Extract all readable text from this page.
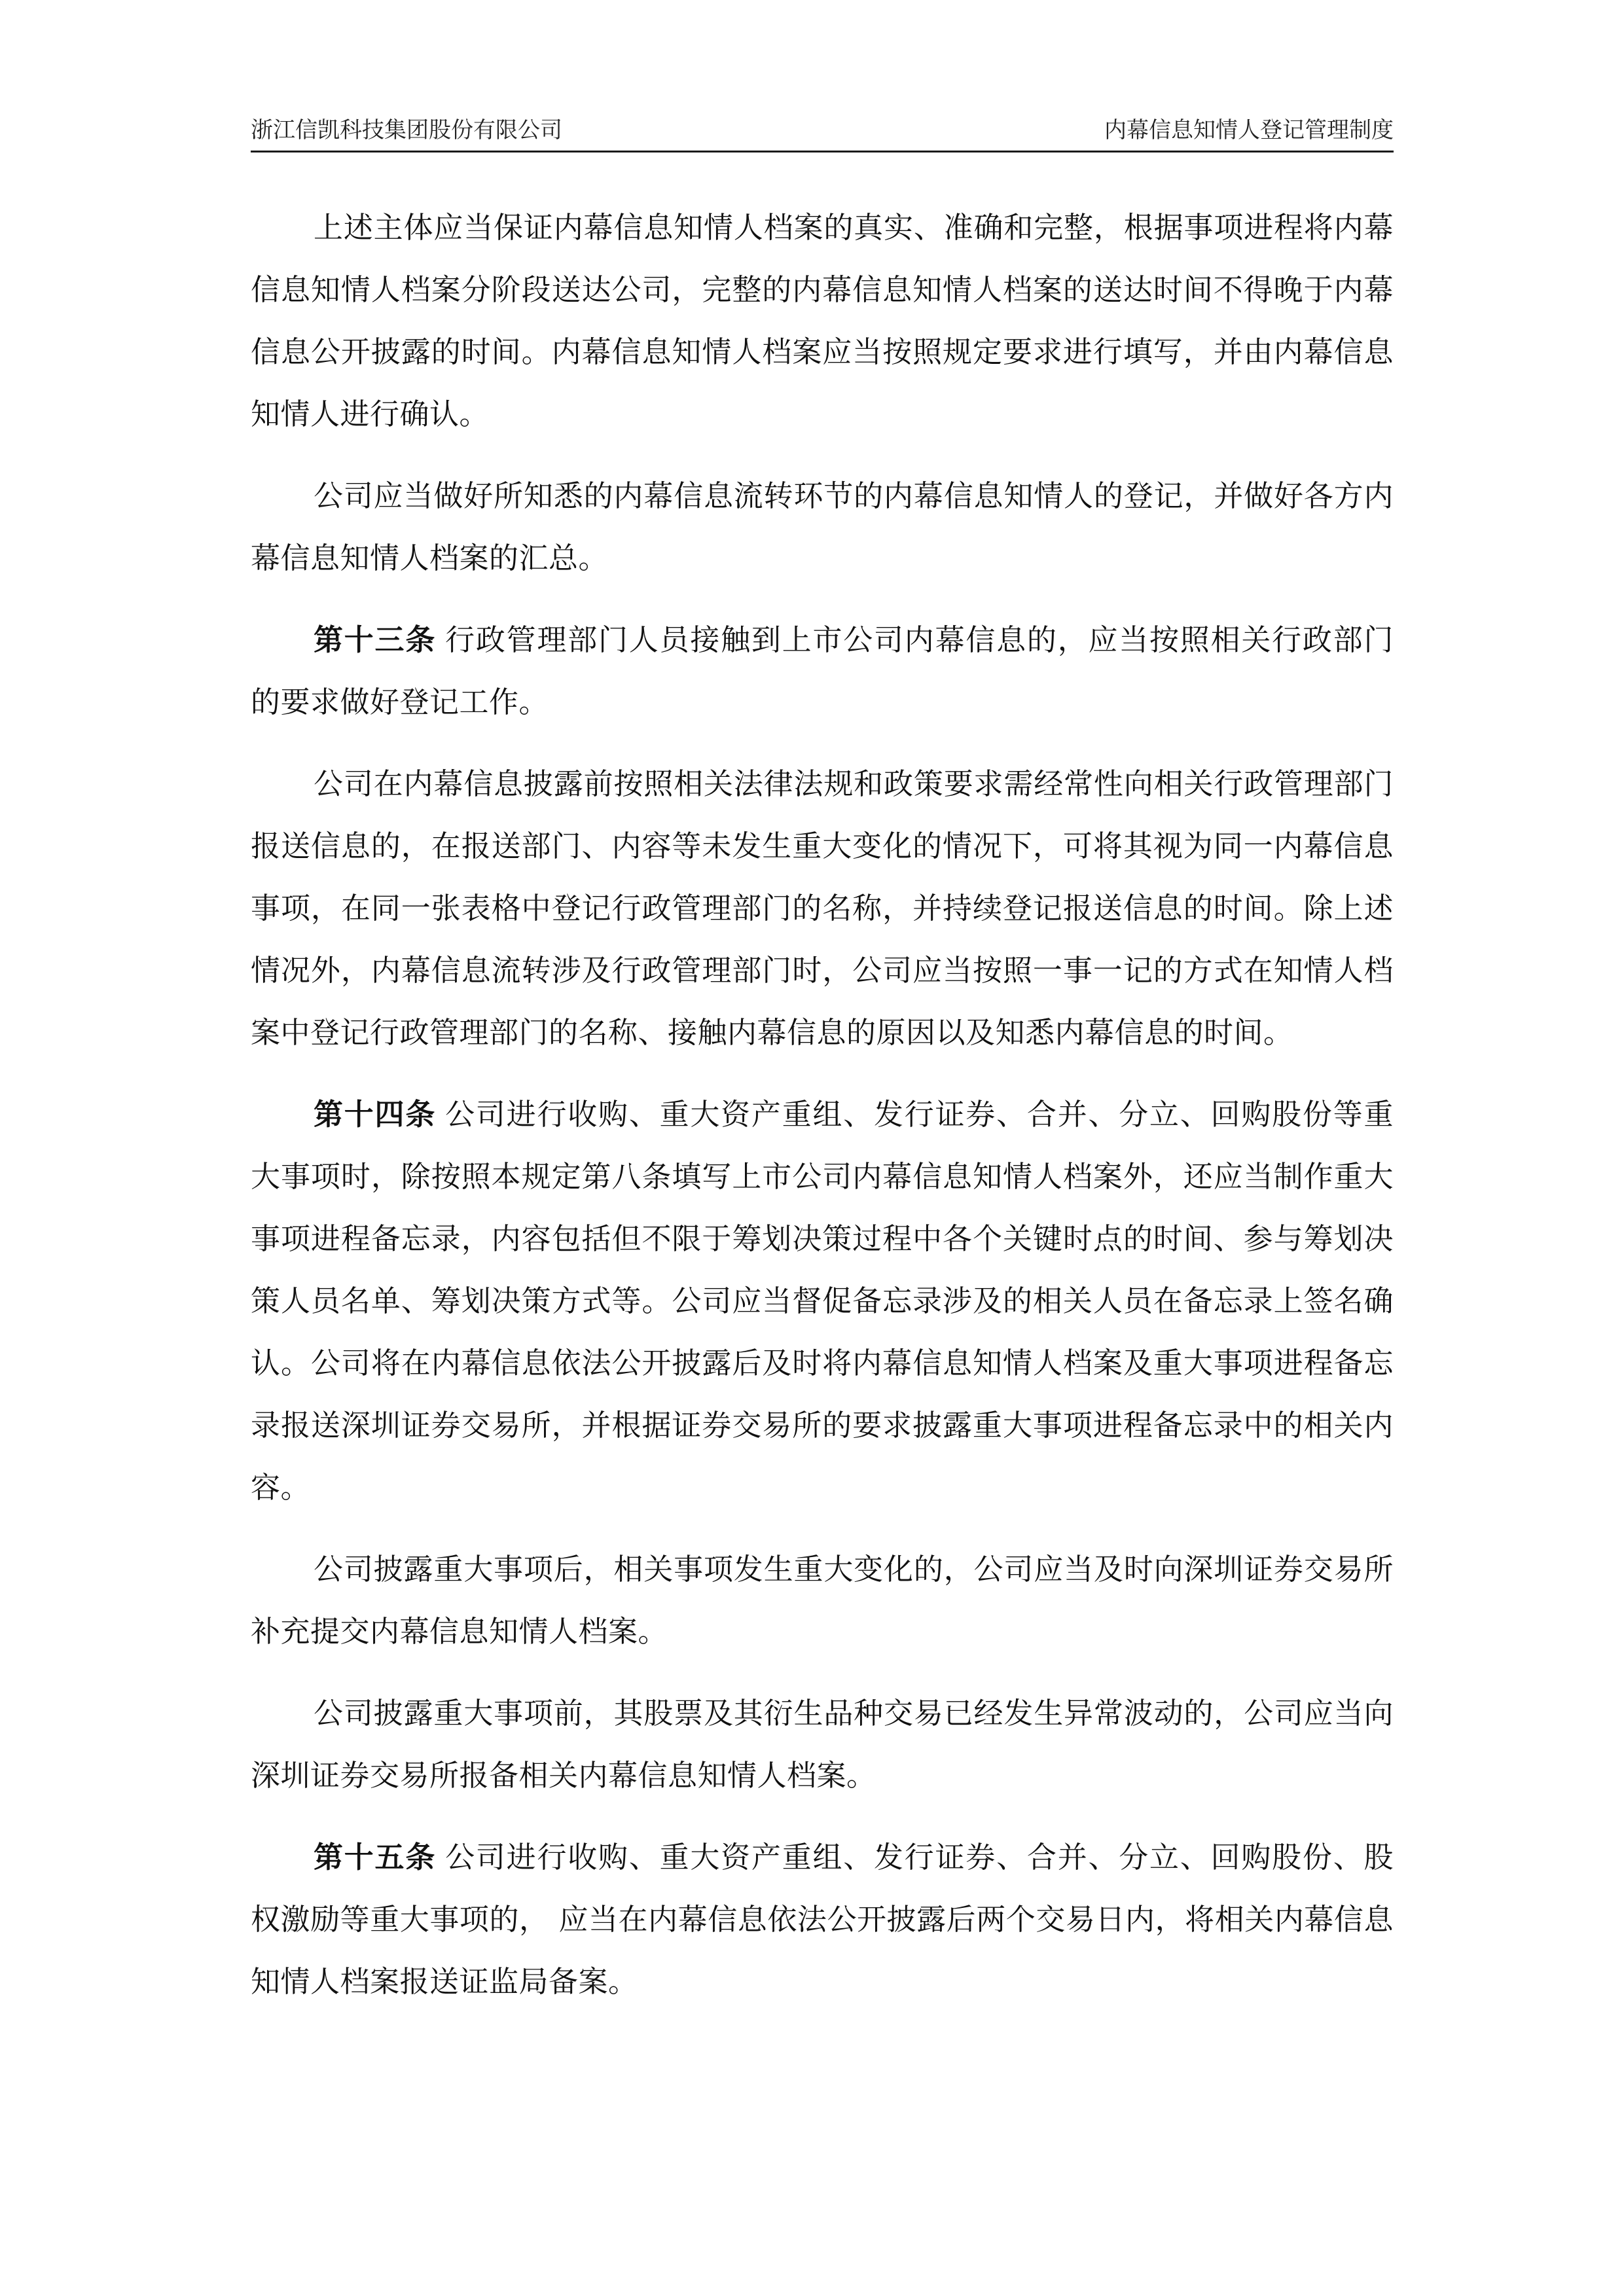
浙江信凯科技集团股份有限公司	内幕信息知情人登记管理制度

上述主体应当保证内幕信息知情人档案的真实、准确和完整，根据事项进程将内幕信息知情人档案分阶段送达公司，完整的内幕信息知情人档案的送达时间不得晚于内幕信息公开披露的时间。内幕信息知情人档案应当按照规定要求进行填写，并由内幕信息知情人进行确认。

公司应当做好所知悉的内幕信息流转环节的内幕信息知情人的登记，并做好各方内幕信息知情人档案的汇总。

第十三条 行政管理部门人员接触到上市公司内幕信息的，应当按照相关行政部门的要求做好登记工作。

公司在内幕信息披露前按照相关法律法规和政策要求需经常性向相关行政管理部门报送信息的，在报送部门、内容等未发生重大变化的情况下，可将其视为同一内幕信息事项，在同一张表格中登记行政管理部门的名称，并持续登记报送信息的时间。除上述情况外，内幕信息流转涉及行政管理部门时，公司应当按照一事一记的方式在知情人档案中登记行政管理部门的名称、接触内幕信息的原因以及知悉内幕信息的时间。

第十四条 公司进行收购、重大资产重组、发行证券、合并、分立、回购股份等重大事项时，除按照本规定第八条填写上市公司内幕信息知情人档案外，还应当制作重大事项进程备忘录，内容包括但不限于筹划决策过程中各个关键时点的时间、参与筹划决策人员名单、筹划决策方式等。公司应当督促备忘录涉及的相关人员在备忘录上签名确认。公司将在内幕信息依法公开披露后及时将内幕信息知情人档案及重大事项进程备忘录报送深圳证券交易所，并根据证券交易所的要求披露重大事项进程备忘录中的相关内容。

公司披露重大事项后，相关事项发生重大变化的，公司应当及时向深圳证券交易所补充提交内幕信息知情人档案。

公司披露重大事项前，其股票及其衍生品种交易已经发生异常波动的，公司应当向深圳证券交易所报备相关内幕信息知情人档案。

第十五条 公司进行收购、重大资产重组、发行证券、合并、分立、回购股份、股权激励等重大事项的， 应当在内幕信息依法公开披露后两个交易日内，将相关内幕信息知情人档案报送证监局备案。
